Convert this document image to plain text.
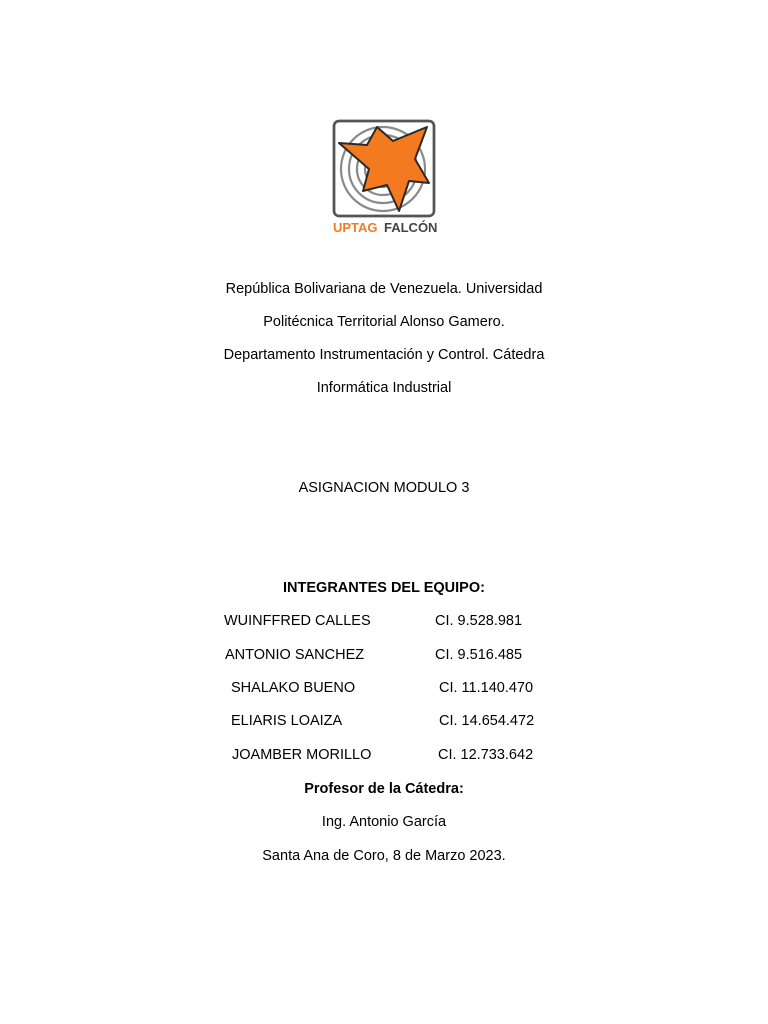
UPTAG FALCÓN
República Bolivariana de Venezuela. Universidad
Politécnica Territorial Alonso Gamero.
Departamento Instrumentación y Control. Cátedra
Informática Industrial
ASIGNACION MODULO 3
INTEGRANTES DEL EQUIPO:
WUINFFRED CALLES	CI. 9.528.981
ANTONIO SANCHEZ	CI. 9.516.485
SHALAKO BUENO	CI. 11.140.470
ELIARIS LOAIZA	CI. 14.654.472
JOAMBER MORILLO	CI. 12.733.642
Profesor de la Cátedra:
Ing. Antonio García
Santa Ana de Coro, 8 de Marzo 2023.
